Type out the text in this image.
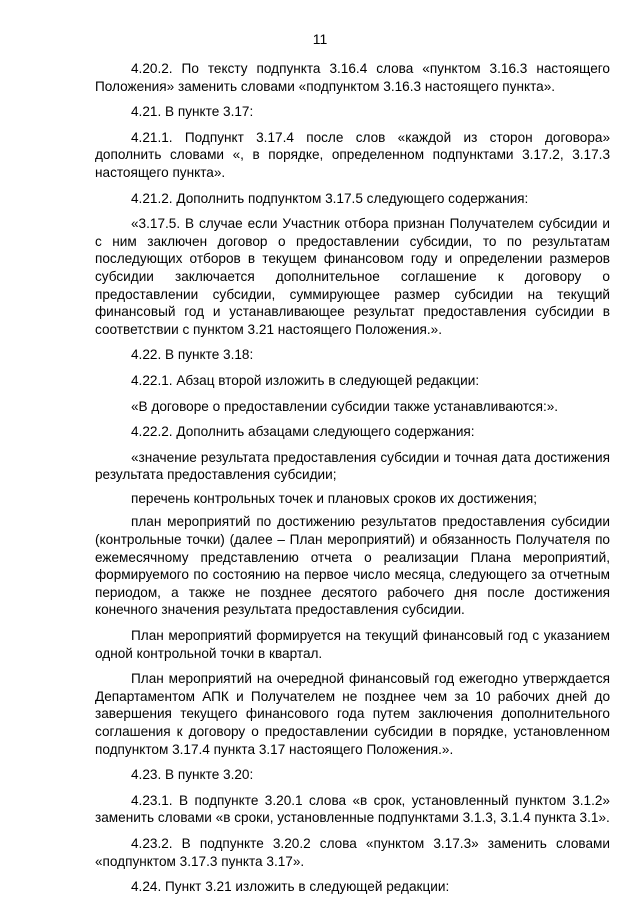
11

4.20.2. По тексту подпункта 3.16.4 слова «пунктом 3.16.3 настоящего Положения» заменить словами «подпунктом 3.16.3 настоящего пункта».

4.21. В пункте 3.17:

4.21.1. Подпункт 3.17.4 после слов «каждой из сторон договора» дополнить словами «, в порядке, определенном подпунктами 3.17.2, 3.17.3 настоящего пункта».

4.21.2. Дополнить подпунктом 3.17.5 следующего содержания:

«3.17.5. В случае если Участник отбора признан Получателем субсидии и с ним заключен договор о предоставлении субсидии, то по результатам последующих отборов в текущем финансовом году и определении размеров субсидии заключается дополнительное соглашение к договору о предоставлении субсидии, суммирующее размер субсидии на текущий финансовый год и устанавливающее результат предоставления субсидии в соответствии с пунктом 3.21 настоящего Положения.».

4.22. В пункте 3.18:

4.22.1. Абзац второй изложить в следующей редакции:

«В договоре о предоставлении субсидии также устанавливаются:».

4.22.2. Дополнить абзацами следующего содержания:

«значение результата предоставления субсидии и точная дата достижения результата предоставления субсидии;

перечень контрольных точек и плановых сроков их достижения;

план мероприятий по достижению результатов предоставления субсидии (контрольные точки) (далее – План мероприятий) и обязанность Получателя по ежемесячному представлению отчета о реализации Плана мероприятий, формируемого по состоянию на первое число месяца, следующего за отчетным периодом, а также не позднее десятого рабочего дня после достижения конечного значения результата предоставления субсидии.

План мероприятий формируется на текущий финансовый год с указанием одной контрольной точки в квартал.

План мероприятий на очередной финансовый год ежегодно утверждается Департаментом АПК и Получателем не позднее чем за 10 рабочих дней до завершения текущего финансового года путем заключения дополнительного соглашения к договору о предоставлении субсидии в порядке, установленном подпунктом 3.17.4 пункта 3.17 настоящего Положения.».

4.23. В пункте 3.20:

4.23.1. В подпункте 3.20.1 слова «в срок, установленный пунктом 3.1.2» заменить словами «в сроки, установленные подпунктами 3.1.3, 3.1.4 пункта 3.1».

4.23.2. В подпункте 3.20.2 слова «пунктом 3.17.3» заменить словами «подпунктом 3.17.3 пункта 3.17».

4.24. Пункт 3.21 изложить в следующей редакции:
